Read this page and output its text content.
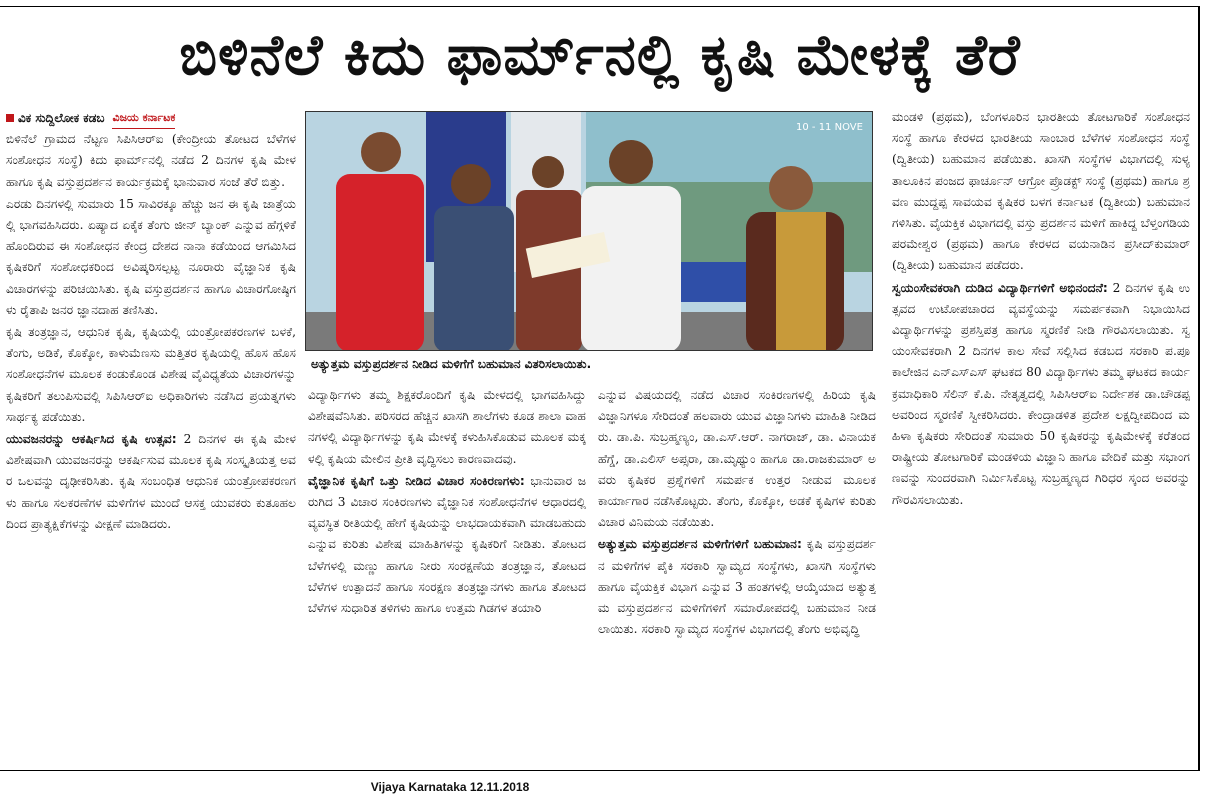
ಬಿಳಿನೆಲೆ ಕಿದು ಫಾರ್ಮ್‌ನಲ್ಲಿ ಕೃಷಿ ಮೇಳಕ್ಕೆ ತೆರೆ
ವಿಕ ಸುದ್ದಿಲೋಕ ಕಡಬ ವಿಜಯ ಕರ್ನಾಟಕ

ಬಿಳಿನೆಲೆ ಗ್ರಾಮದ ನೆಟ್ಟಣ ಸಿಪಿಸಿಆರ್‌ಐ (ಕೇಂದ್ರೀಯ ತೋಟದ ಬೆಳೆಗಳ ಸಂಶೋಧನ ಸಂಸ್ಥೆ) ಕಿದು ಫಾರ್ಮ್‌ನಲ್ಲಿ ನಡೆದ 2 ದಿನಗಳ ಕೃಷಿ ಮೇಳ ಹಾಗೂ ಕೃಷಿ ವಸ್ತುಪ್ರದರ್ಶನ ಕಾರ್ಯಕ್ರಮಕ್ಕೆ ಭಾನುವಾರ ಸಂಜೆ ತೆರೆ ಬಿತ್ತು.

ಎರಡು ದಿನಗಳಲ್ಲಿ ಸುಮಾರು 15 ಸಾವಿರಕ್ಕೂ ಹೆಚ್ಚು ಜನ ಈ ಕೃಷಿ ಜಾತ್ರೆಯಲ್ಲಿ ಭಾಗವಹಿಸಿದರು. ಏಷ್ಯಾದ ಏಕೈಕ ತೆಂಗು ಜೀನ್ ಬ್ಯಾಂಕ್ ಎನ್ನುವ ಹೆಗ್ಗಳಿಕೆ ಹೊಂದಿರುವ ಈ ಸಂಶೋಧನ ಕೇಂದ್ರ ದೇಶದ ನಾನಾ ಕಡೆಯಿಂದ ಆಗಮಿಸಿದ ಕೃಷಿಕರಿಗೆ ಸಂಶೋಧಕರಿಂದ ಅವಿಷ್ಕರಿಸಲ್ಪಟ್ಟ ನೂರಾರು ವೈಜ್ಞಾನಿಕ ಕೃಷಿ ವಿಚಾರಗಳನ್ನು ಪರಿಚಯಿಸಿತು. ಕೃಷಿ ವಸ್ತುಪ್ರದರ್ಶನ ಹಾಗೂ ವಿಚಾರಗೋಷ್ಠಿಗಳು ರೈತಾಪಿ ಜನರ ಜ್ಞಾನದಾಹ ತಣಿಸಿತು.

ಕೃಷಿ ತಂತ್ರಜ್ಞಾನ, ಆಧುನಿಕ ಕೃಷಿ, ಕೃಷಿಯಲ್ಲಿ ಯಂತ್ರೋಪಕರಣಗಳ ಬಳಕೆ, ತೆಂಗು, ಅಡಿಕೆ, ಕೊಕ್ಕೋ, ಕಾಳುಮೆಣಸು ಮತ್ತಿತರ ಕೃಷಿಯಲ್ಲಿ ಹೊಸ ಹೊಸ ಸಂಶೋಧನೆಗಳ ಮೂಲಕ ಕಂಡುಕೊಂಡ ವಿಶೇಷ ವೈವಿಧ್ಯತೆಯ ವಿಚಾರಗಳನ್ನು ಕೃಷಿಕರಿಗೆ ತಲುಪಿಸುವಲ್ಲಿ ಸಿಪಿಸಿಆರ್‌ಐ ಅಧಿಕಾರಿಗಳು ನಡೆಸಿದ ಪ್ರಯತ್ನಗಳು ಸಾರ್ಥಕ್ಯ ಪಡೆಯಿತು.

ಯುವಜನರನ್ನು ಆಕರ್ಷಿಸಿದ ಕೃಷಿ ಉತ್ಸವ: 2 ದಿನಗಳ ಈ ಕೃಷಿ ಮೇಳ ವಿಶೇಷವಾಗಿ ಯುವಜನರನ್ನು ಆಕರ್ಷಿಸುವ ಮೂಲಕ ಕೃಷಿ ಸಂಸ್ಕೃತಿಯತ್ತ ಅವರ ಒಲವನ್ನು ದೃಢೀಕರಿಸಿತು. ಕೃಷಿ ಸಂಬಂಧಿತ ಆಧುನಿಕ ಯಂತ್ರೋಪಕರಣಗಳು ಹಾಗೂ ಸಲಕರಣೆಗಳ ಮಳಿಗೆಗಳ ಮುಂದೆ ಆಸಕ್ತ ಯುವಕರು ಕುತೂಹಲದಿಂದ ಪ್ರಾತ್ಯಕ್ಷಿಕೆಗಳನ್ನು ವೀಕ್ಷಣೆ ಮಾಡಿದರು.

10 - 11 NOVE
ಅತ್ಯುತ್ತಮ ವಸ್ತುಪ್ರದರ್ಶನ ನೀಡಿದ ಮಳಿಗೆಗೆ ಬಹುಮಾನ ವಿತರಿಸಲಾಯಿತು.

ವಿದ್ಯಾರ್ಥಿಗಳು ತಮ್ಮ ಶಿಕ್ಷಕರೊಂದಿಗೆ ಕೃಷಿ ಮೇಳದಲ್ಲಿ ಭಾಗವಹಿಸಿದ್ದು ವಿಶೇಷವೆನಿಸಿತು. ಪರಿಸರದ ಹೆಚ್ಚಿನ ಖಾಸಗಿ ಶಾಲೆಗಳು ಕೂಡ ಶಾಲಾ ವಾಹನಗಳಲ್ಲಿ ವಿದ್ಯಾರ್ಥಿಗಳನ್ನು ಕೃಷಿ ಮೇಳಕ್ಕೆ ಕಳುಹಿಸಿಕೊಡುವ ಮೂಲಕ ಮಕ್ಕಳಲ್ಲಿ ಕೃಷಿಯ ಮೇಲಿನ ಪ್ರೀತಿ ವೃದ್ಧಿಸಲು ಕಾರಣವಾದವು.

ವೈಜ್ಞಾನಿಕ ಕೃಷಿಗೆ ಒತ್ತು ನೀಡಿದ ವಿಚಾರ ಸಂಕಿರಣಗಳು: ಭಾನುವಾರ ಜರುಗಿದ 3 ವಿಚಾರ ಸಂಕಿರಣಗಳು ವೈಜ್ಞಾನಿಕ ಸಂಶೋಧನೆಗಳ ಆಧಾರದಲ್ಲಿ ವ್ಯವಸ್ಥಿತ ರೀತಿಯಲ್ಲಿ ಹೇಗೆ ಕೃಷಿಯನ್ನು ಲಾಭದಾಯಕವಾಗಿ ಮಾಡಬಹುದು ಎನ್ನುವ ಕುರಿತು ವಿಶೇಷ ಮಾಹಿತಿಗಳನ್ನು ಕೃಷಿಕರಿಗೆ ನೀಡಿತು. ತೋಟದ ಬೆಳೆಗಳಲ್ಲಿ ಮಣ್ಣು ಹಾಗೂ ನೀರು ಸಂರಕ್ಷಣೆಯ ತಂತ್ರಜ್ಞಾನ, ತೋಟದ ಬೆಳೆಗಳ ಉತ್ಪಾದನೆ ಹಾಗೂ ಸಂರಕ್ಷಣ ತಂತ್ರಜ್ಞಾನಗಳು ಹಾಗೂ ತೋಟದ ಬೆಳೆಗಳ ಸುಧಾರಿತ ತಳಿಗಳು ಹಾಗೂ ಉತ್ತಮ ಗಿಡಗಳ ತಯಾರಿ

ಎನ್ನುವ ವಿಷಯದಲ್ಲಿ ನಡೆದ ವಿಚಾರ ಸಂಕಿರಣಗಳಲ್ಲಿ ಹಿರಿಯ ಕೃಷಿ ವಿಜ್ಞಾನಿಗಳೂ ಸೇರಿದಂತೆ ಹಲವಾರು ಯುವ ವಿಜ್ಞಾನಿಗಳು ಮಾಹಿತಿ ನೀಡಿದರು. ಡಾ.ಪಿ. ಸುಬ್ರಹ್ಮಣ್ಯಂ, ಡಾ.ಎಸ್.ಆರ್. ನಾಗರಾಜ್, ಡಾ. ವಿನಾಯಕ ಹೆಗ್ಡೆ, ಡಾ.ಎಲಿಸ್ ಅಪ್ಸರಾ, ಡಾ.ಮೃಥ್ಯುಂ ಹಾಗೂ ಡಾ.ರಾಜಕುಮಾರ್ ಅವರು ಕೃಷಿಕರ ಪ್ರಶ್ನೆಗಳಿಗೆ ಸಮರ್ಪಕ ಉತ್ತರ ನೀಡುವ ಮೂಲಕ ಕಾರ್ಯಾಗಾರ ನಡೆಸಿಕೊಟ್ಟರು. ತೆಂಗು, ಕೊಕ್ಕೋ, ಅಡಕೆ ಕೃಷಿಗಳ ಕುರಿತು ವಿಚಾರ ವಿನಿಮಯ ನಡೆಯಿತು.

ಅತ್ಯುತ್ತಮ ವಸ್ತುಪ್ರದರ್ಶನ ಮಳಿಗೆಗಳಿಗೆ ಬಹುಮಾನ: ಕೃಷಿ ವಸ್ತುಪ್ರದರ್ಶನ ಮಳಿಗೆಗಳ ಪೈಕಿ ಸರಕಾರಿ ಸ್ವಾಮ್ಯದ ಸಂಸ್ಥೆಗಳು, ಖಾಸಗಿ ಸಂಸ್ಥೆಗಳು ಹಾಗೂ ವೈಯಕ್ತಿಕ ವಿಭಾಗ ಎನ್ನುವ 3 ಹಂತಗಳಲ್ಲಿ ಆಯ್ಕೆಯಾದ ಅತ್ಯುತ್ತಮ ವಸ್ತುಪ್ರದರ್ಶನ ಮಳಿಗೆಗಳಿಗೆ ಸಮಾರೋಪದಲ್ಲಿ ಬಹುಮಾನ ನೀಡಲಾಯಿತು. ಸರಕಾರಿ ಸ್ವಾಮ್ಯದ ಸಂಸ್ಥೆಗಳ ವಿಭಾಗದಲ್ಲಿ ತೆಂಗು ಅಭಿವೃದ್ಧಿ

ಮಂಡಳಿ (ಪ್ರಥಮ), ಬೆಂಗಳೂರಿನ ಭಾರತೀಯ ತೋಟಗಾರಿಕೆ ಸಂಶೋಧನ ಸಂಸ್ಥೆ ಹಾಗೂ ಕೇರಳದ ಭಾರತೀಯ ಸಾಂಬಾರ ಬೆಳೆಗಳ ಸಂಶೋಧನ ಸಂಸ್ಥೆ (ದ್ವಿತೀಯ) ಬಹುಮಾನ ಪಡೆಯಿತು. ಖಾಸಗಿ ಸಂಸ್ಥೆಗಳ ವಿಭಾಗದಲ್ಲಿ ಸುಳ್ಯ ತಾಲೂಕಿನ ಪಂಜದ ಫಾರ್ಚೂನ್ ಆಗ್ರೋ ಪ್ರೊಡಕ್ಟ್ ಸಂಸ್ಥೆ (ಪ್ರಥಮ) ಹಾಗೂ ಶ್ರವಣ ಮುದ್ದಪ್ಪ ಸಾವಯವ ಕೃಷಿಕರ ಬಳಗ ಕರ್ನಾಟಕ (ದ್ವಿತೀಯ) ಬಹುಮಾನ ಗಳಿಸಿತು. ವೈಯಕ್ತಿಕ ವಿಭಾಗದಲ್ಲಿ ವಸ್ತು ಪ್ರದರ್ಶನ ಮಳಿಗೆ ಹಾಕಿದ್ದ ಬೆಳ್ತಂಗಡಿಯ ಪರಮೇಶ್ವರ (ಪ್ರಥಮ) ಹಾಗೂ ಕೇರಳದ ವಯನಾಡಿನ ಪ್ರಸೀದ್‌ಕುಮಾರ್ (ದ್ವಿತೀಯ) ಬಹುಮಾನ ಪಡೆದರು.

ಸ್ವಯಂಸೇವಕರಾಗಿ ದುಡಿದ ವಿದ್ಯಾರ್ಥಿಗಳಿಗೆ ಅಭಿನಂದನೆ: 2 ದಿನಗಳ ಕೃಷಿ ಉತ್ಸವದ ಉಟೋಪಚಾರದ ವ್ಯವಸ್ಥೆಯನ್ನು ಸಮರ್ಪಕವಾಗಿ ನಿಭಾಯಿಸಿದ ವಿದ್ಯಾರ್ಥಿಗಳನ್ನು ಪ್ರಶಸ್ತಿಪತ್ರ ಹಾಗೂ ಸ್ಮರಣಿಕೆ ನೀಡಿ ಗೌರವಿಸಲಾಯಿತು. ಸ್ವಯಂಸೇವಕರಾಗಿ 2 ದಿನಗಳ ಕಾಲ ಸೇವೆ ಸಲ್ಲಿಸಿದ ಕಡಬದ ಸರಕಾರಿ ಪ.ಪೂ ಕಾಲೇಜಿನ ಎನ್ಎಸ್ಎಸ್ ಘಟಕದ 80 ವಿದ್ಯಾರ್ಥಿಗಳು ತಮ್ಮ ಘಟಕದ ಕಾರ್ಯಕ್ರಮಾಧಿಕಾರಿ ಸೆಲಿನ್ ಕೆ.ಪಿ. ನೇತೃತ್ವದಲ್ಲಿ ಸಿಪಿಸಿಆರ್‌ಐ ನಿರ್ದೇಶಕ ಡಾ.ಚೌಡಪ್ಪ ಅವರಿಂದ ಸ್ಮರಣಿಕೆ ಸ್ವೀಕರಿಸಿದರು. ಕೇಂದ್ರಾಡಳಿತ ಪ್ರದೇಶ ಲಕ್ಷದ್ವೀಪದಿಂದ ಮಹಿಳಾ ಕೃಷಿಕರು ಸೇರಿದಂತೆ ಸುಮಾರು 50 ಕೃಷಿಕರನ್ನು ಕೃಷಿಮೇಳಕ್ಕೆ ಕರೆತಂದ ರಾಷ್ಟ್ರೀಯ ತೋಟಗಾರಿಕೆ ಮಂಡಳಿಯ ವಿಜ್ಞಾನಿ ಹಾಗೂ ವೇದಿಕೆ ಮತ್ತು ಸಭಾಂಗಣವನ್ನು ಸುಂದರವಾಗಿ ನಿರ್ಮಿಸಿಕೊಟ್ಟ ಸುಬ್ರಹ್ಮಣ್ಯದ ಗಿರಿಧರ ಸ್ಕಂದ ಅವರನ್ನು ಗೌರವಿಸಲಾಯಿತು.

Vijaya Karnataka 12.11.2018
